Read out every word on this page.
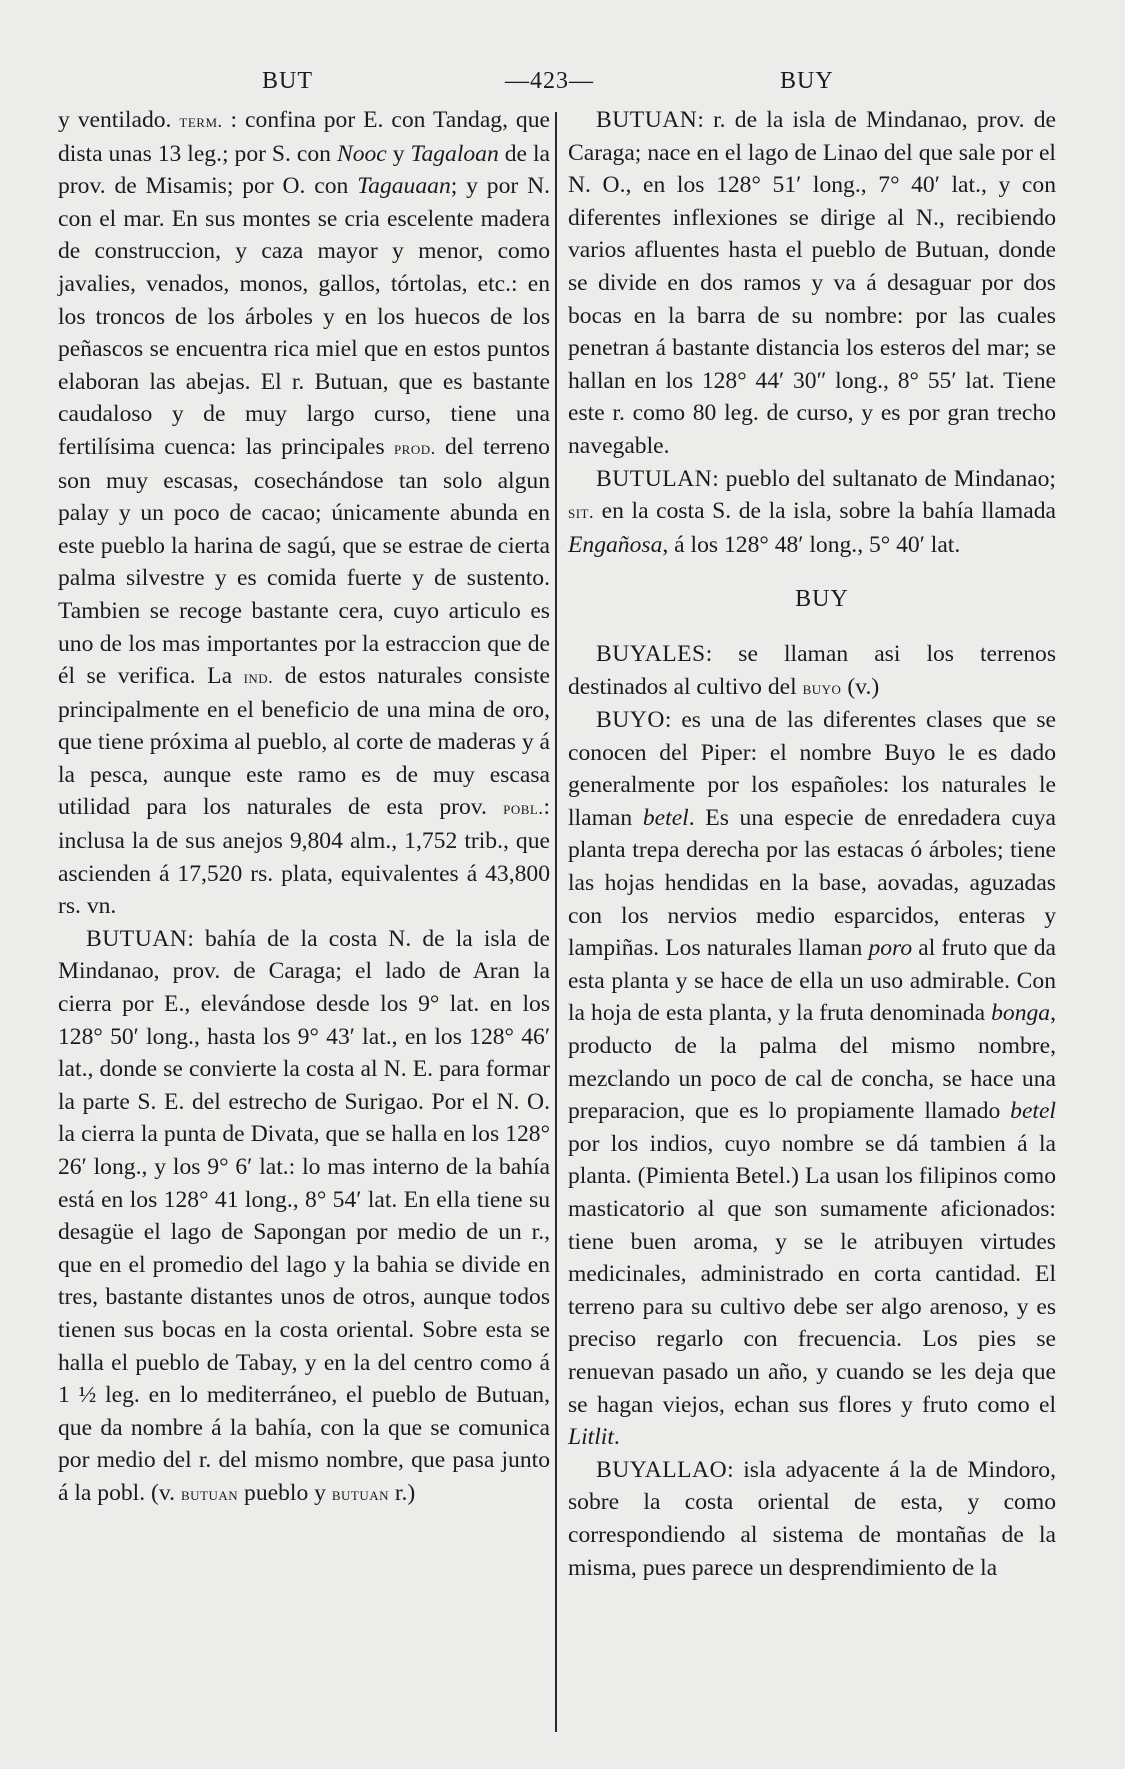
BUT	—423—	BUY

y ventilado. term. : confina por E. con Tandag, que dista unas 13 leg.; por S. con Nooc y Tagaloan de la prov. de Misamis; por O. con Tagauaan; y por N. con el mar. En sus montes se cria escelente madera de construccion, y caza mayor y menor, como javalies, venados, monos, gallos, tórtolas, etc.: en los troncos de los árboles y en los huecos de los peñascos se encuentra rica miel que en estos puntos elaboran las abejas. El r. Butuan, que es bastante caudaloso y de muy largo curso, tiene una fertilísima cuenca: las principales prod. del terreno son muy escasas, cosechándose tan solo algun palay y un poco de cacao; únicamente abunda en este pueblo la harina de sagú, que se estrae de cierta palma silvestre y es comida fuerte y de sustento. Tambien se recoge bastante cera, cuyo articulo es uno de los mas importantes por la estraccion que de él se verifica. La ind. de estos naturales consiste principalmente en el beneficio de una mina de oro, que tiene próxima al pueblo, al corte de maderas y á la pesca, aunque este ramo es de muy escasa utilidad para los naturales de esta prov. pobl.: inclusa la de sus anejos 9,804 alm., 1,752 trib., que ascienden á 17,520 rs. plata, equivalentes á 43,800 rs. vn.

BUTUAN: bahía de la costa N. de la isla de Mindanao, prov. de Caraga; el lado de Aran la cierra por E., elevándose desde los 9° lat. en los 128° 50′ long., hasta los 9° 43′ lat., en los 128° 46′ lat., donde se convierte la costa al N. E. para formar la parte S. E. del estrecho de Surigao. Por el N. O. la cierra la punta de Divata, que se halla en los 128° 26′ long., y los 9° 6′ lat.: lo mas interno de la bahía está en los 128° 41 long., 8° 54′ lat. En ella tiene su desagüe el lago de Sapongan por medio de un r., que en el promedio del lago y la bahia se divide en tres, bastante distantes unos de otros, aunque todos tienen sus bocas en la costa oriental. Sobre esta se halla el pueblo de Tabay, y en la del centro como á 1 ½ leg. en lo mediterráneo, el pueblo de Butuan, que da nombre á la bahía, con la que se comunica por medio del r. del mismo nombre, que pasa junto á la pobl. (v. butuan pueblo y butuan r.)

BUTUAN: r. de la isla de Mindanao, prov. de Caraga; nace en el lago de Linao del que sale por el N. O., en los 128° 51′ long., 7° 40′ lat., y con diferentes inflexiones se dirige al N., recibiendo varios afluentes hasta el pueblo de Butuan, donde se divide en dos ramos y va á desaguar por dos bocas en la barra de su nombre: por las cuales penetran á bastante distancia los esteros del mar; se hallan en los 128° 44′ 30″ long., 8° 55′ lat. Tiene este r. como 80 leg. de curso, y es por gran trecho navegable.

BUTULAN: pueblo del sultanato de Mindanao; sit. en la costa S. de la isla, sobre la bahía llamada Engañosa, á los 128° 48′ long., 5° 40′ lat.

BUY

BUYALES: se llaman asi los terrenos destinados al cultivo del buyo (v.)

BUYO: es una de las diferentes clases que se conocen del Piper: el nombre Buyo le es dado generalmente por los españoles: los naturales le llaman betel. Es una especie de enredadera cuya planta trepa derecha por las estacas ó árboles; tiene las hojas hendidas en la base, aovadas, aguzadas con los nervios medio esparcidos, enteras y lampiñas. Los naturales llaman poro al fruto que da esta planta y se hace de ella un uso admirable. Con la hoja de esta planta, y la fruta denominada bonga, producto de la palma del mismo nombre, mezclando un poco de cal de concha, se hace una preparacion, que es lo propiamente llamado betel por los indios, cuyo nombre se dá tambien á la planta. (Pimienta Betel.) La usan los filipinos como masticatorio al que son sumamente aficionados: tiene buen aroma, y se le atribuyen virtudes medicinales, administrado en corta cantidad. El terreno para su cultivo debe ser algo arenoso, y es preciso regarlo con frecuencia. Los pies se renuevan pasado un año, y cuando se les deja que se hagan viejos, echan sus flores y fruto como el Litlit.

BUYALLAO: isla adyacente á la de Mindoro, sobre la costa oriental de esta, y como correspondiendo al sistema de montañas de la misma, pues parece un desprendimiento de la
